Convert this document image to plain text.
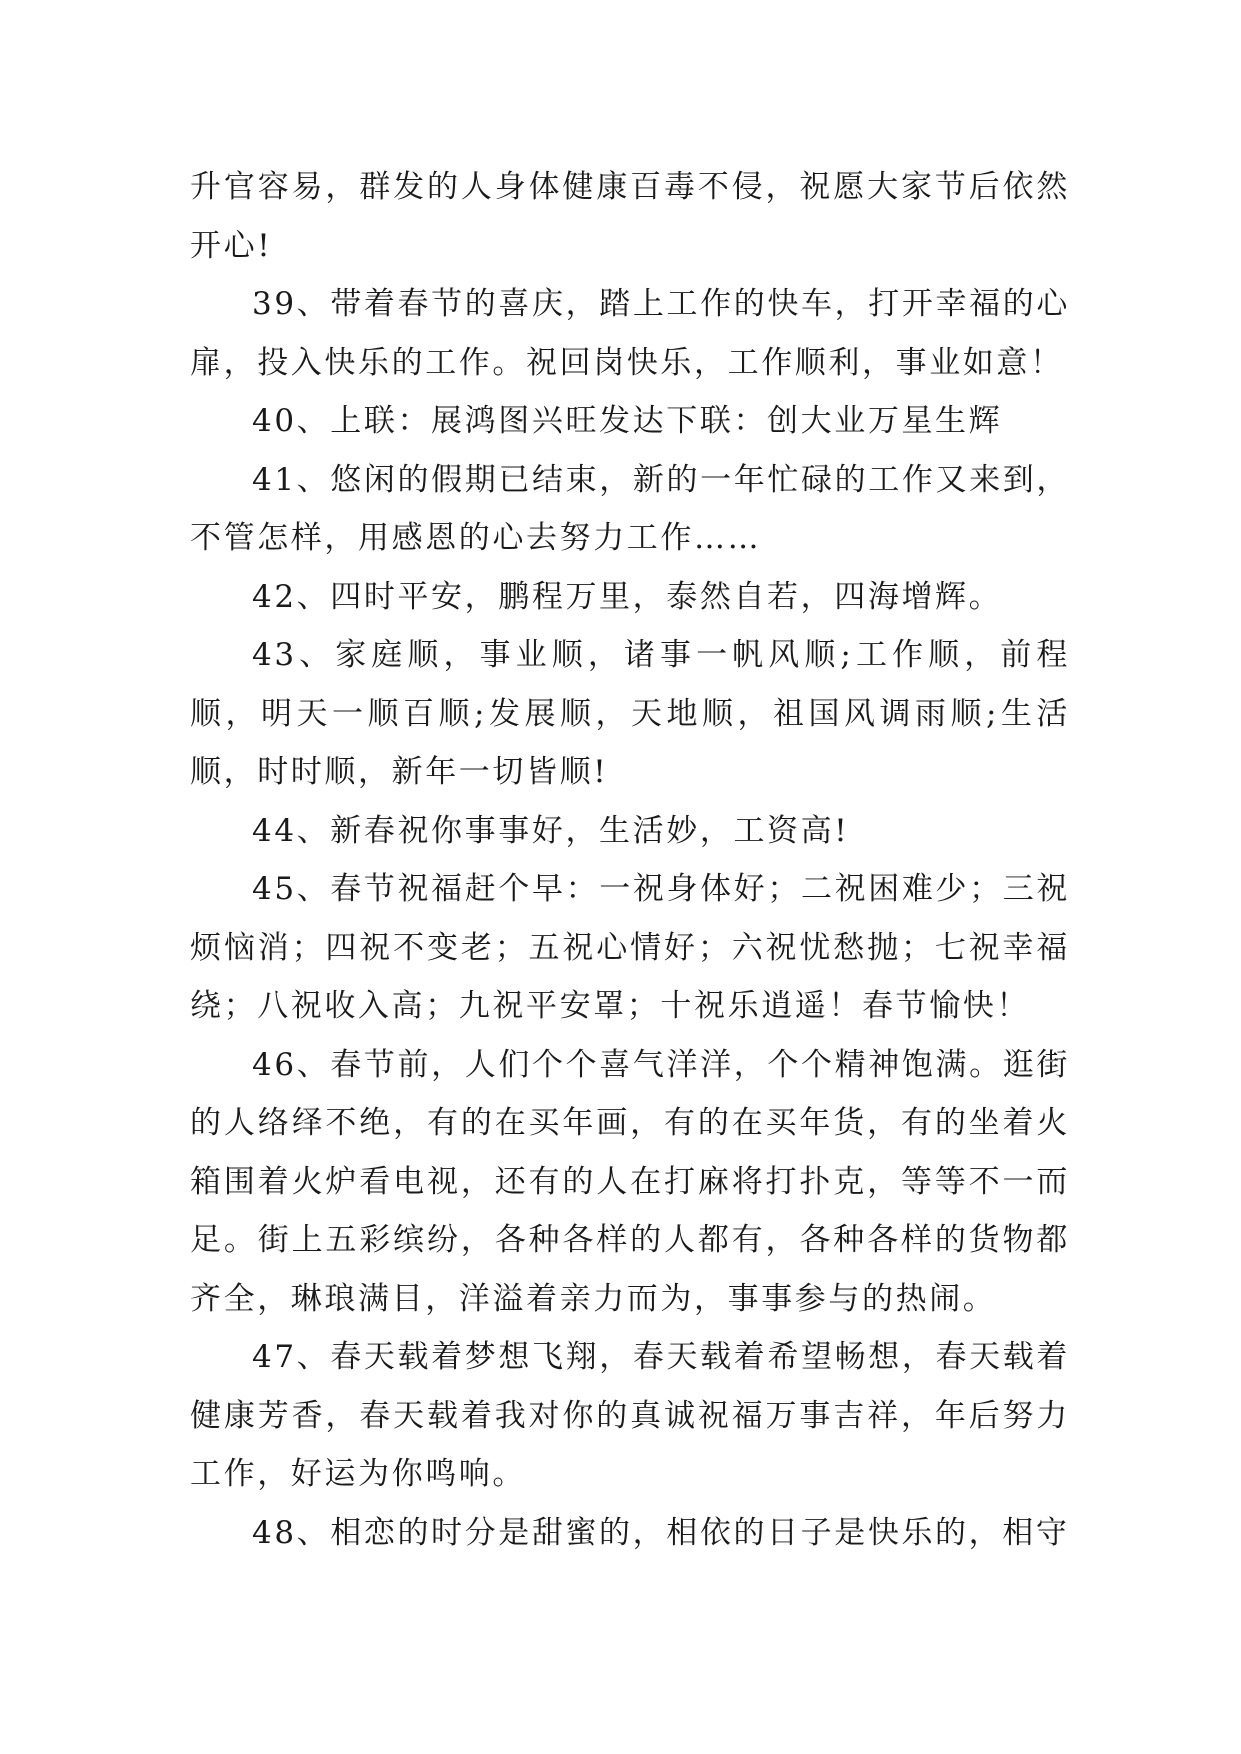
升官容易，群发的人身体健康百毒不侵，祝愿大家节后依然开心!

39、带着春节的喜庆，踏上工作的快车，打开幸福的心扉，投入快乐的工作。祝回岗快乐，工作顺利，事业如意！

40、上联：展鸿图兴旺发达下联：创大业万星生辉

41、悠闲的假期已结束，新的一年忙碌的工作又来到，不管怎样，用感恩的心去努力工作……

42、四时平安，鹏程万里，泰然自若，四海增辉。

43、家庭顺，事业顺，诸事一帆风顺;工作顺，前程顺，明天一顺百顺;发展顺，天地顺，祖国风调雨顺;生活顺，时时顺，新年一切皆顺!

44、新春祝你事事好，生活妙，工资高!

45、春节祝福赶个早：一祝身体好；二祝困难少；三祝烦恼消；四祝不变老；五祝心情好；六祝忧愁抛；七祝幸福绕；八祝收入高；九祝平安罩；十祝乐逍遥！春节愉快！

46、春节前，人们个个喜气洋洋，个个精神饱满。逛街的人络绎不绝，有的在买年画，有的在买年货，有的坐着火箱围着火炉看电视，还有的人在打麻将打扑克，等等不一而足。街上五彩缤纷，各种各样的人都有，各种各样的货物都齐全，琳琅满目，洋溢着亲力而为，事事参与的热闹。

47、春天载着梦想飞翔，春天载着希望畅想，春天载着健康芳香，春天载着我对你的真诚祝福万事吉祥，年后努力工作，好运为你鸣响。

48、相恋的时分是甜蜜的，相依的日子是快乐的，相守
